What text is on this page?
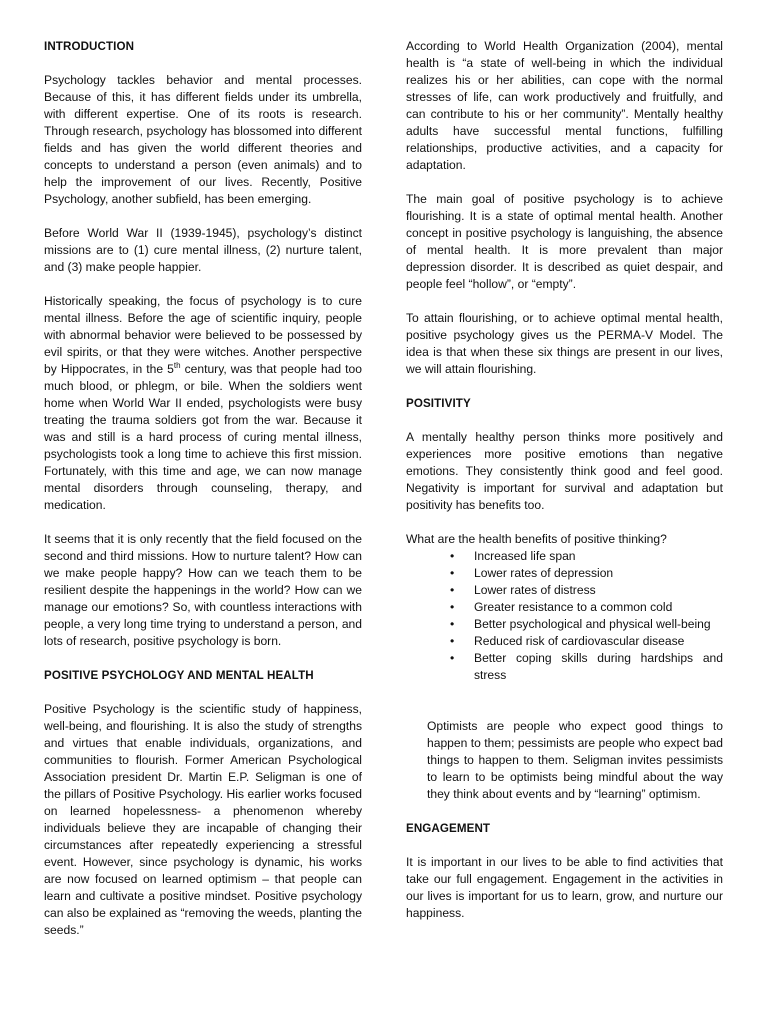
INTRODUCTION

Psychology tackles behavior and mental processes. Because of this, it has different fields under its umbrella, with different expertise. One of its roots is research. Through research, psychology has blossomed into different fields and has given the world different theories and concepts to understand a person (even animals) and to help the improvement of our lives. Recently, Positive Psychology, another subfield, has been emerging.

Before World War II (1939-1945), psychology’s distinct missions are to (1) cure mental illness, (2) nurture talent, and (3) make people happier.

Historically speaking, the focus of psychology is to cure mental illness. Before the age of scientific inquiry, people with abnormal behavior were believed to be possessed by evil spirits, or that they were witches. Another perspective by Hippocrates, in the 5th century, was that people had too much blood, or phlegm, or bile. When the soldiers went home when World War II ended, psychologists were busy treating the trauma soldiers got from the war. Because it was and still is a hard process of curing mental illness, psychologists took a long time to achieve this first mission. Fortunately, with this time and age, we can now manage mental disorders through counseling, therapy, and medication.

It seems that it is only recently that the field focused on the second and third missions. How to nurture talent? How can we make people happy? How can we teach them to be resilient despite the happenings in the world? How can we manage our emotions? So, with countless interactions with people, a very long time trying to understand a person, and lots of research, positive psychology is born.

POSITIVE PSYCHOLOGY AND MENTAL HEALTH

Positive Psychology is the scientific study of happiness, well-being, and flourishing. It is also the study of strengths and virtues that enable individuals, organizations, and communities to flourish. Former American Psychological Association president Dr. Martin E.P. Seligman is one of the pillars of Positive Psychology. His earlier works focused on learned hopelessness- a phenomenon whereby individuals believe they are incapable of changing their circumstances after repeatedly experiencing a stressful event. However, since psychology is dynamic, his works are now focused on learned optimism – that people can learn and cultivate a positive mindset. Positive psychology can also be explained as “removing the weeds, planting the seeds.”

According to World Health Organization (2004), mental health is “a state of well-being in which the individual realizes his or her abilities, can cope with the normal stresses of life, can work productively and fruitfully, and can contribute to his or her community”. Mentally healthy adults have successful mental functions, fulfilling relationships, productive activities, and a capacity for adaptation.

The main goal of positive psychology is to achieve flourishing. It is a state of optimal mental health. Another concept in positive psychology is languishing, the absence of mental health. It is more prevalent than major depression disorder. It is described as quiet despair, and people feel “hollow”, or “empty”.

To attain flourishing, or to achieve optimal mental health, positive psychology gives us the PERMA-V Model. The idea is that when these six things are present in our lives, we will attain flourishing.

POSITIVITY

A mentally healthy person thinks more positively and experiences more positive emotions than negative emotions. They consistently think good and feel good. Negativity is important for survival and adaptation but positivity has benefits too.

What are the health benefits of positive thinking?
• Increased life span
• Lower rates of depression
• Lower rates of distress
• Greater resistance to a common cold
• Better psychological and physical well-being
• Reduced risk of cardiovascular disease
• Better coping skills during hardships and stress

Optimists are people who expect good things to happen to them; pessimists are people who expect bad things to happen to them. Seligman invites pessimists to learn to be optimists being mindful about the way they think about events and by “learning” optimism.

ENGAGEMENT

It is important in our lives to be able to find activities that take our full engagement. Engagement in the activities in our lives is important for us to learn, grow, and nurture our happiness.
